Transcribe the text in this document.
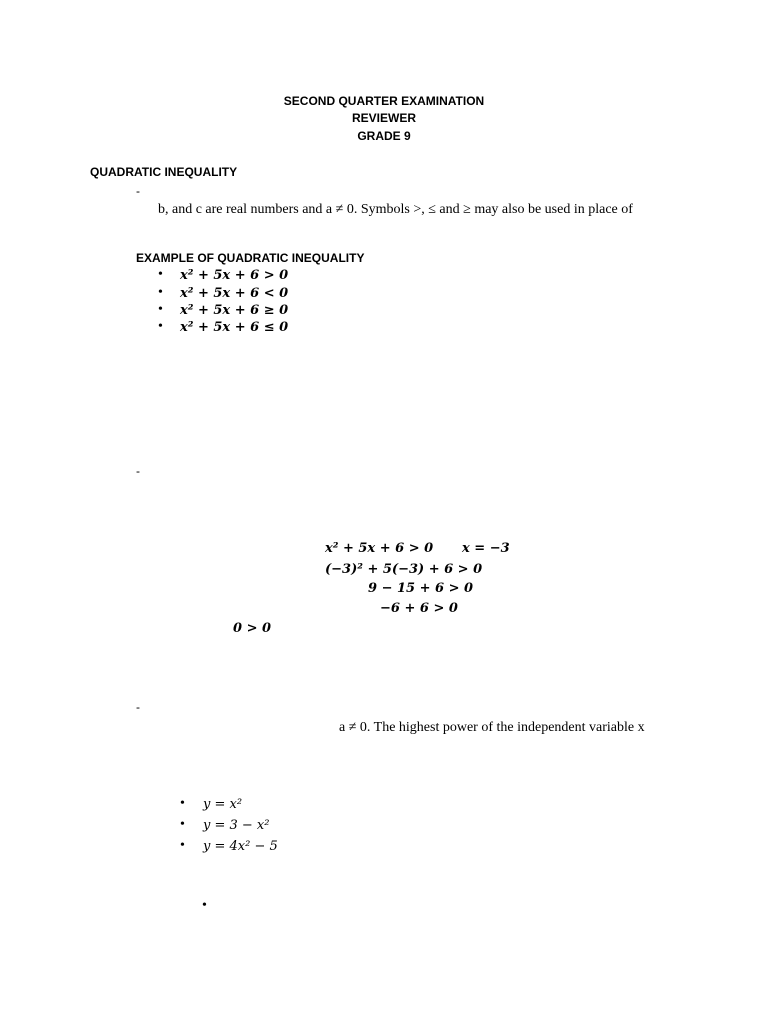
SECOND QUARTER EXAMINATION
REVIEWER
GRADE 9
QUADRATIC INEQUALITY
-
b, and c are real numbers and a ≠ 0. Symbols >, ≤ and ≥ may also be used in place of
EXAMPLE OF QUADRATIC INEQUALITY
• x² + 5x + 6 > 0
• x² + 5x + 6 < 0
• x² + 5x + 6 ≥ 0
• x² + 5x + 6 ≤ 0
-
x² + 5x + 6 > 0 x = −3
(−3)² + 5(−3) + 6 > 0
9 − 15 + 6 > 0
−6 + 6 > 0
0 > 0
-
a ≠ 0. The highest power of the independent variable x
• y = x²
• y = 3 − x²
• y = 4x² − 5
•
